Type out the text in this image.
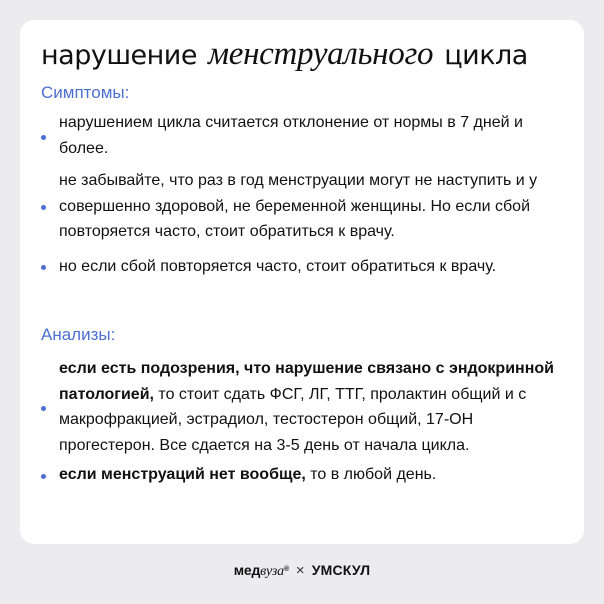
нарушение менструального цикла
Симптомы:
нарушением цикла считается отклонение от нормы в 7 дней и более.
не забывайте, что раз в год менструации могут не наступить и у совершенно здоровой, не беременной женщины. Но если сбой повторяется часто, стоит обратиться к врачу.
но если сбой повторяется часто, стоит обратиться к врачу.
Анализы:
если есть подозрения, что нарушение связано с эндокринной патологией, то стоит сдать ФСГ, ЛГ, ТТГ, пролактин общий и с макрофракцией, эстрадиол, тестостерон общий, 17-ОН прогестерон. Все сдается на 3-5 день от начала цикла.
если менструаций нет вообще, то в любой день.
медвуза® × УМСКУЛ
